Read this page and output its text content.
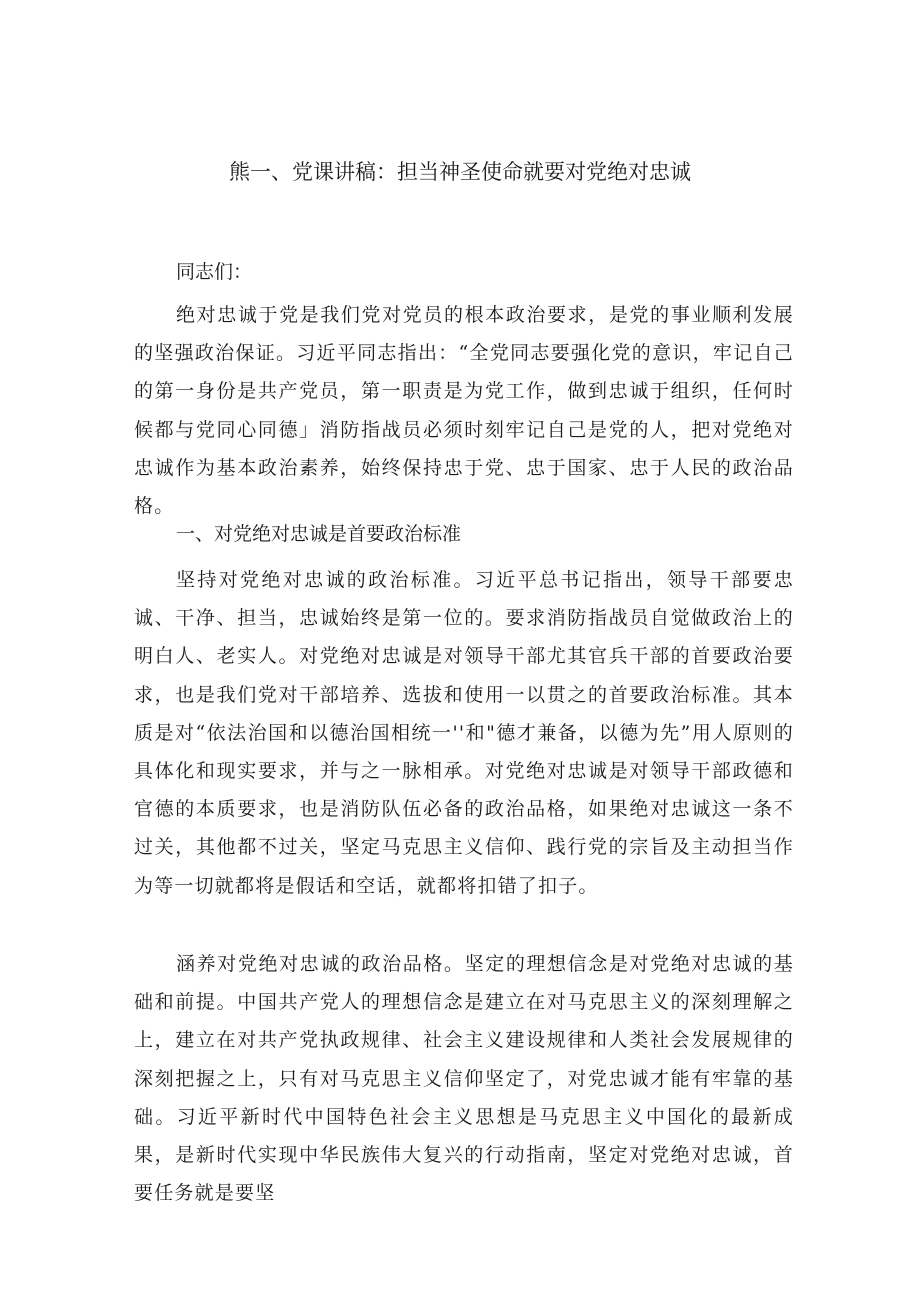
熊一、党课讲稿：担当神圣使命就要对党绝对忠诚

同志们：

绝对忠诚于党是我们党对党员的根本政治要求，是党的事业顺利发展的坚强政治保证。习近平同志指出：“全党同志要强化党的意识，牢记自己的第一身份是共产党员，第一职责是为党工作，做到忠诚于组织，任何时候都与党同心同德」消防指战员必须时刻牢记自己是党的人，把对党绝对忠诚作为基本政治素养，始终保持忠于党、忠于国家、忠于人民的政治品格。

一、对党绝对忠诚是首要政治标准

坚持对党绝对忠诚的政治标准。习近平总书记指出，领导干部要忠诚、干净、担当，忠诚始终是第一位的。要求消防指战员自觉做政治上的明白人、老实人。对党绝对忠诚是对领导干部尤其官兵干部的首要政治要求，也是我们党对干部培养、选拔和使用一以贯之的首要政治标准。其本质是对“依法治国和以德治国相统一''和"德才兼备，以德为先”用人原则的具体化和现实要求，并与之一脉相承。对党绝对忠诚是对领导干部政德和官德的本质要求，也是消防队伍必备的政治品格，如果绝对忠诚这一条不过关，其他都不过关，坚定马克思主义信仰、践行党的宗旨及主动担当作为等一切就都将是假话和空话，就都将扣错了扣子。

涵养对党绝对忠诚的政治品格。坚定的理想信念是对党绝对忠诚的基础和前提。中国共产党人的理想信念是建立在对马克思主义的深刻理解之上，建立在对共产党执政规律、社会主义建设规律和人类社会发展规律的深刻把握之上，只有对马克思主义信仰坚定了，对党忠诚才能有牢靠的基础。习近平新时代中国特色社会主义思想是马克思主义中国化的最新成果，是新时代实现中华民族伟大复兴的行动指南，坚定对党绝对忠诚，首要任务就是要坚
